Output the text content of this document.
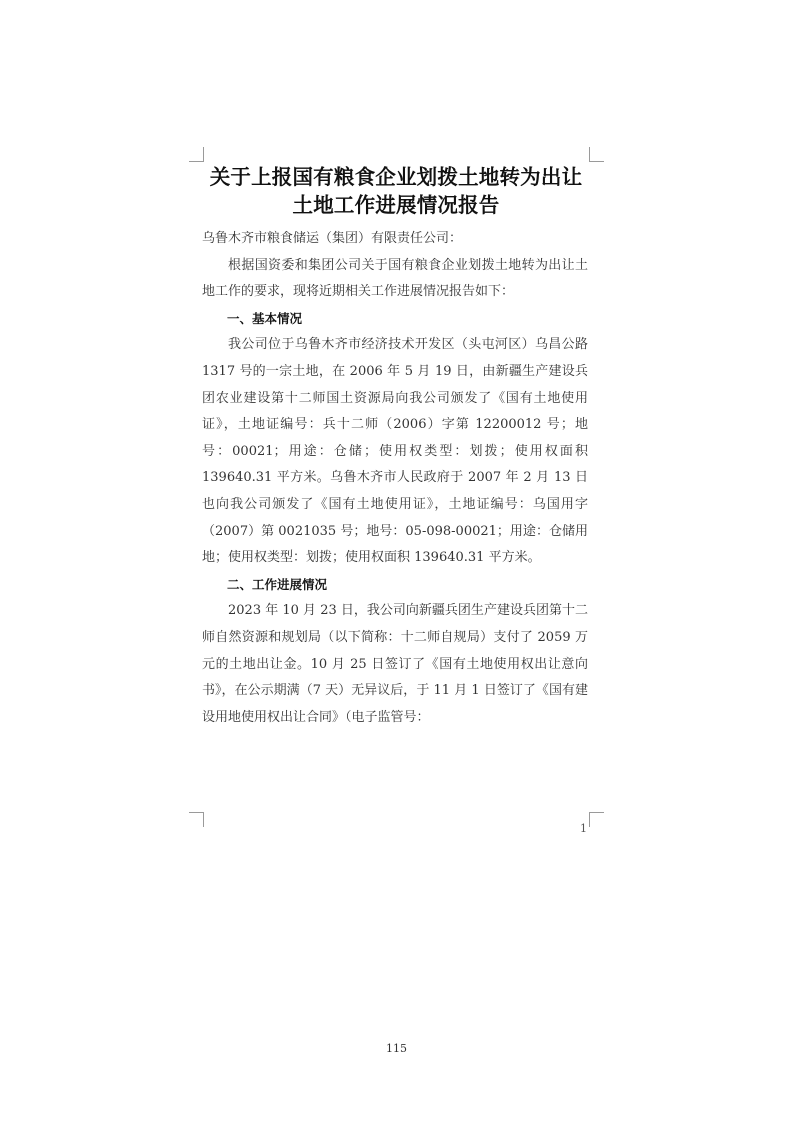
关于上报国有粮食企业划拨土地转为出让
土地工作进展情况报告

乌鲁木齐市粮食储运（集团）有限责任公司：

根据国资委和集团公司关于国有粮食企业划拨土地转为出让土地工作的要求，现将近期相关工作进展情况报告如下：

一、基本情况

我公司位于乌鲁木齐市经济技术开发区（头屯河区）乌昌公路 1317 号的一宗土地，在 2006 年 5 月 19 日，由新疆生产建设兵团农业建设第十二师国土资源局向我公司颁发了《国有土地使用证》，土地证编号：兵十二师（2006）字第 12200012 号；地号：00021；用途：仓储；使用权类型：划拨；使用权面积 139640.31 平方米。乌鲁木齐市人民政府于 2007 年 2 月 13 日也向我公司颁发了《国有土地使用证》，土地证编号：乌国用字（2007）第 0021035 号；地号：05-098-00021；用途：仓储用地；使用权类型：划拨；使用权面积 139640.31 平方米。

二、工作进展情况

2023 年 10 月 23 日，我公司向新疆兵团生产建设兵团第十二师自然资源和规划局（以下简称：十二师自规局）支付了 2059 万元的土地出让金。10 月 25 日签订了《国有土地使用权出让意向书》，在公示期满（7 天）无异议后，于 11 月 1 日签订了《国有建设用地使用权出让合同》（电子监管号：

1
115
